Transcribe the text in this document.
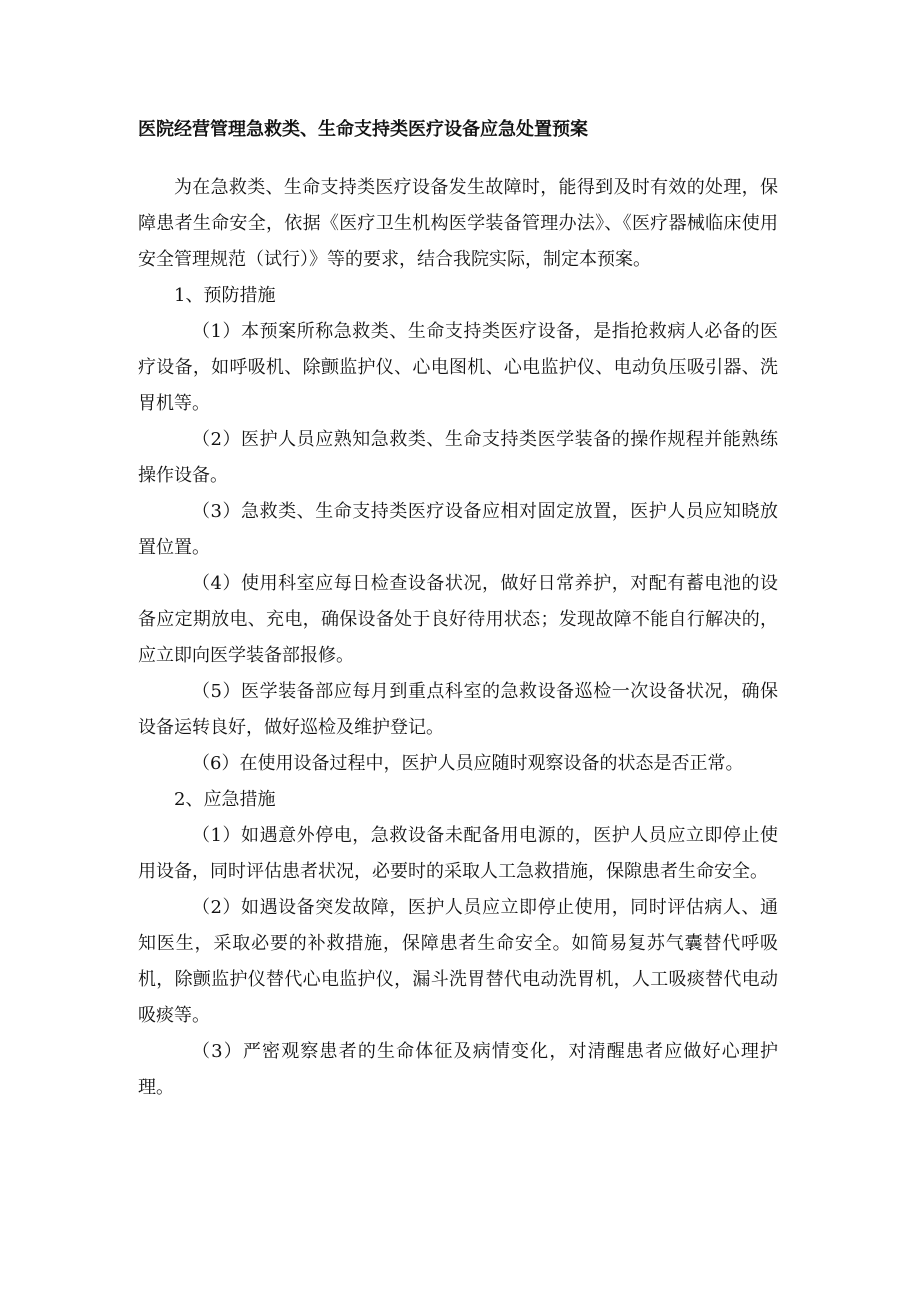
医院经营管理急救类、生命支持类医疗设备应急处置预案

为在急救类、生命支持类医疗设备发生故障时，能得到及时有效的处理，保障患者生命安全，依据《医疗卫生机构医学装备管理办法》、《医疗器械临床使用安全管理规范（试行）》等的要求，结合我院实际，制定本预案。

1、预防措施

（1）本预案所称急救类、生命支持类医疗设备，是指抢救病人必备的医疗设备，如呼吸机、除颤监护仪、心电图机、心电监护仪、电动负压吸引器、洗胃机等。

（2）医护人员应熟知急救类、生命支持类医学装备的操作规程并能熟练操作设备。

（3）急救类、生命支持类医疗设备应相对固定放置，医护人员应知晓放置位置。

（4）使用科室应每日检查设备状况，做好日常养护，对配有蓄电池的设备应定期放电、充电，确保设备处于良好待用状态；发现故障不能自行解决的，应立即向医学装备部报修。

（5）医学装备部应每月到重点科室的急救设备巡检一次设备状况，确保设备运转良好，做好巡检及维护登记。

（6）在使用设备过程中，医护人员应随时观察设备的状态是否正常。

2、应急措施

（1）如遇意外停电，急救设备未配备用电源的，医护人员应立即停止使用设备，同时评估患者状况，必要时的采取人工急救措施，保隙患者生命安全。

（2）如遇设备突发故障，医护人员应立即停止使用，同时评估病人、通知医生，采取必要的补救措施，保障患者生命安全。如简易复苏气囊替代呼吸机，除颤监护仪替代心电监护仪，漏斗洗胃替代电动洗胃机，人工吸痰替代电动吸痰等。

（3）严密观察患者的生命体征及病情变化，对清醒患者应做好心理护理。
